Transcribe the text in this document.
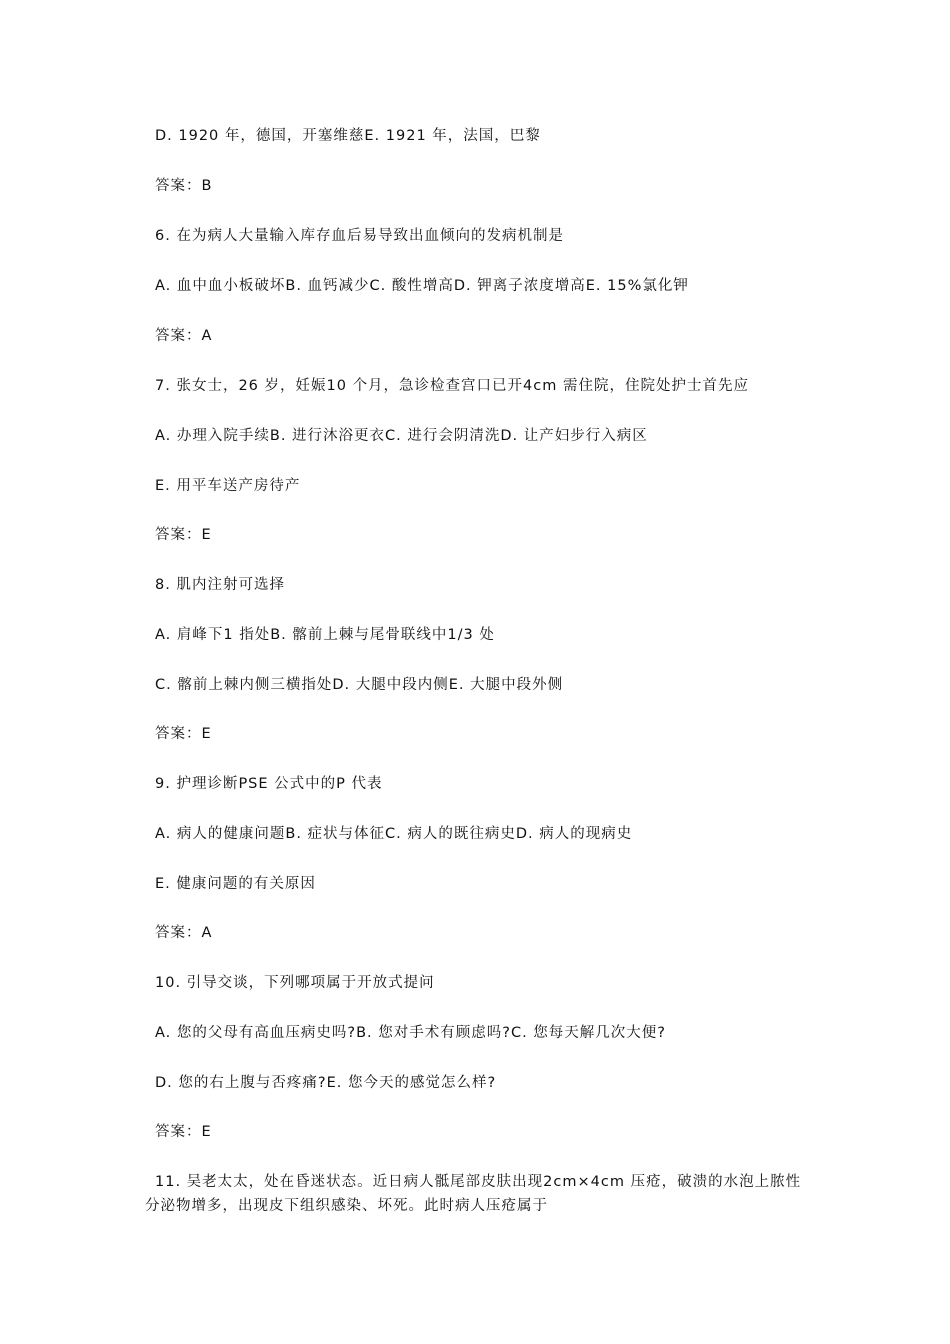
D. 1920 年，德国，开塞维慈E. 1921 年，法国，巴黎
答案：B
6. 在为病人大量输入库存血后易导致出血倾向的发病机制是
A. 血中血小板破坏B. 血钙减少C. 酸性增高D. 钾离子浓度增高E. 15%氯化钾
答案：A
7. 张女士，26 岁，妊娠10 个月，急诊检查宫口已开4cm 需住院，住院处护士首先应
A. 办理入院手续B. 进行沐浴更衣C. 进行会阴清洗D. 让产妇步行入病区
E. 用平车送产房待产
答案：E
8. 肌内注射可选择
A. 肩峰下1 指处B. 髂前上棘与尾骨联线中1/3 处
C. 髂前上棘内侧三横指处D. 大腿中段内侧E. 大腿中段外侧
答案：E
9. 护理诊断PSE 公式中的P 代表
A. 病人的健康问题B. 症状与体征C. 病人的既往病史D. 病人的现病史
E. 健康问题的有关原因
答案：A
10. 引导交谈，下列哪项属于开放式提问
A. 您的父母有高血压病史吗?B. 您对手术有顾虑吗?C. 您每天解几次大便?
D. 您的右上腹与否疼痛?E. 您今天的感觉怎么样?
答案：E
11. 吴老太太，处在昏迷状态。近日病人骶尾部皮肤出现2cm×4cm 压疮，破溃的水泡上脓性分泌物增多，出现皮下组织感染、坏死。此时病人压疮属于
